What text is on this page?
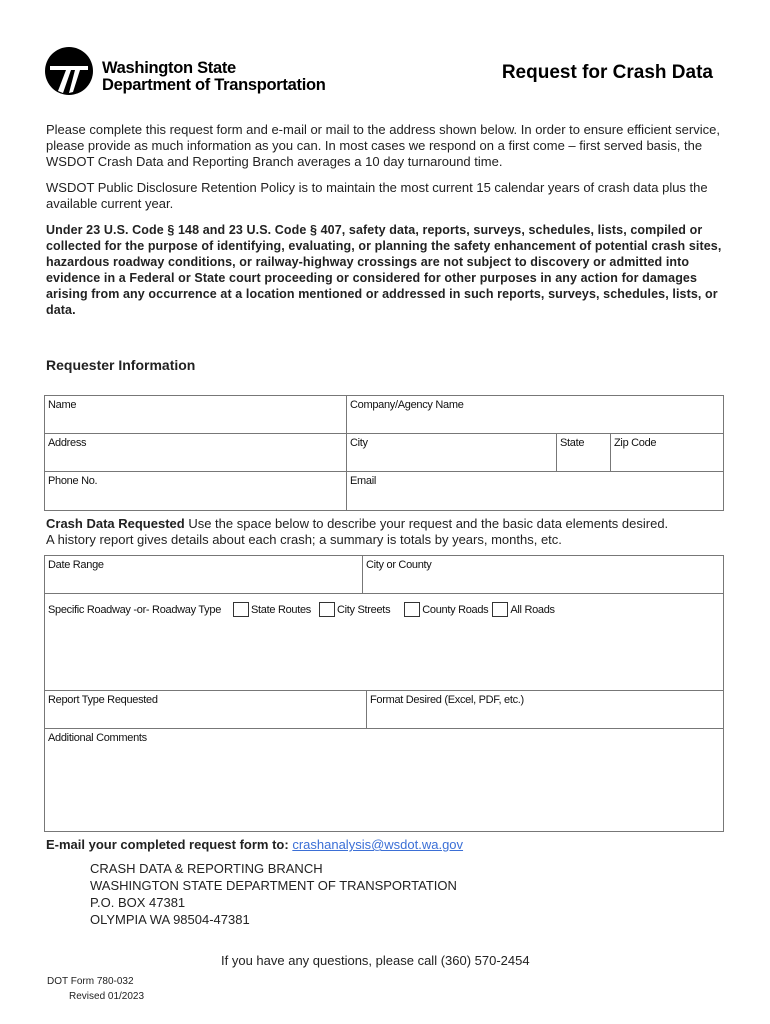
Washington State
Department of Transportation
Request for Crash Data
Please complete this request form and e-mail or mail to the address shown below. In order to ensure efficient service, please provide as much information as you can. In most cases we respond on a first come – first served basis, the WSDOT Crash Data and Reporting Branch averages a 10 day turnaround time.
WSDOT Public Disclosure Retention Policy is to maintain the most current 15 calendar years of crash data plus the available current year.
Under 23 U.S. Code § 148 and 23 U.S. Code § 407, safety data, reports, surveys, schedules, lists, compiled or collected for the purpose of identifying, evaluating, or planning the safety enhancement of potential crash sites, hazardous roadway conditions, or railway-highway crossings are not subject to discovery or admitted into evidence in a Federal or State court proceeding or considered for other purposes in any action for damages arising from any occurrence at a location mentioned or addressed in such reports, surveys, schedules, lists, or data.
Requester Information
Name	Company/Agency Name
Address	City	State	Zip Code
Phone No.	Email
Crash Data Requested Use the space below to describe your request and the basic data elements desired.
A history report gives details about each crash; a summary is totals by years, months, etc.
Date Range	City or County
Specific Roadway -or- Roadway Type	State Routes City Streets	County Roads All Roads
Report Type Requested	Format Desired (Excel, PDF, etc.)
Additional Comments
E-mail your completed request form to: crashanalysis@wsdot.wa.gov
CRASH DATA & REPORTING BRANCH
WASHINGTON STATE DEPARTMENT OF TRANSPORTATION
P.O. BOX 47381
OLYMPIA WA 98504-47381
If you have any questions, please call (360) 570-2454
DOT Form 780-032
Revised 01/2023
